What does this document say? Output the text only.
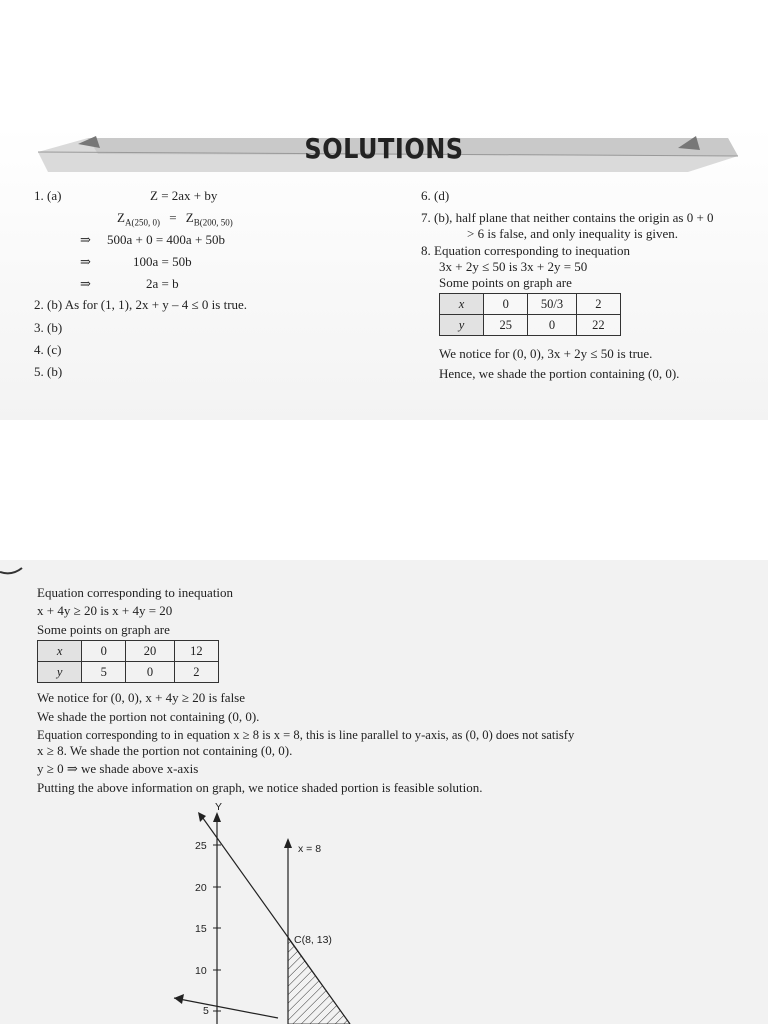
SOLUTIONS
1. (a)	Z = 2ax + by
$Z_{A(250, 0)} = Z_{B(200, 50)}$
⇒ 500a + 0 = 400a + 50b
⇒	100a = 50b
⇒	2a = b
2. (b) As for (1, 1), 2x + y – 4 ≤ 0 is true.
3. (b)
4. (c)
5. (b)
6. (d)
7. (b), half plane that neither contains the origin as 0 + 0
> 6 is false, and only inequality is given.
8. Equation corresponding to inequation
3x + 2y ≤ 50 is 3x + 2y = 50
Some points on graph are
x	0	50/3	2
y	25	0	22
We notice for (0, 0), 3x + 2y ≤ 50 is true.
Hence, we shade the portion containing (0, 0).
Equation corresponding to inequation
x + 4y ≥ 20 is x + 4y = 20
Some points on graph are
x	0	20	12
y	5	0	2
We notice for (0, 0), x + 4y ≥ 20 is false
We shade the portion not containing (0, 0).
Equation corresponding to in equation x ≥ 8 is x = 8, this is line parallel to y-axis, as (0, 0) does not satisfy
x ≥ 8. We shade the portion not containing (0, 0).
y ≥ 0 ⇒ we shade above x-axis
Putting the above information on graph, we notice shaded portion is feasible solution.
Y
25
20
15
10
5
x = 8
C(8, 13)
